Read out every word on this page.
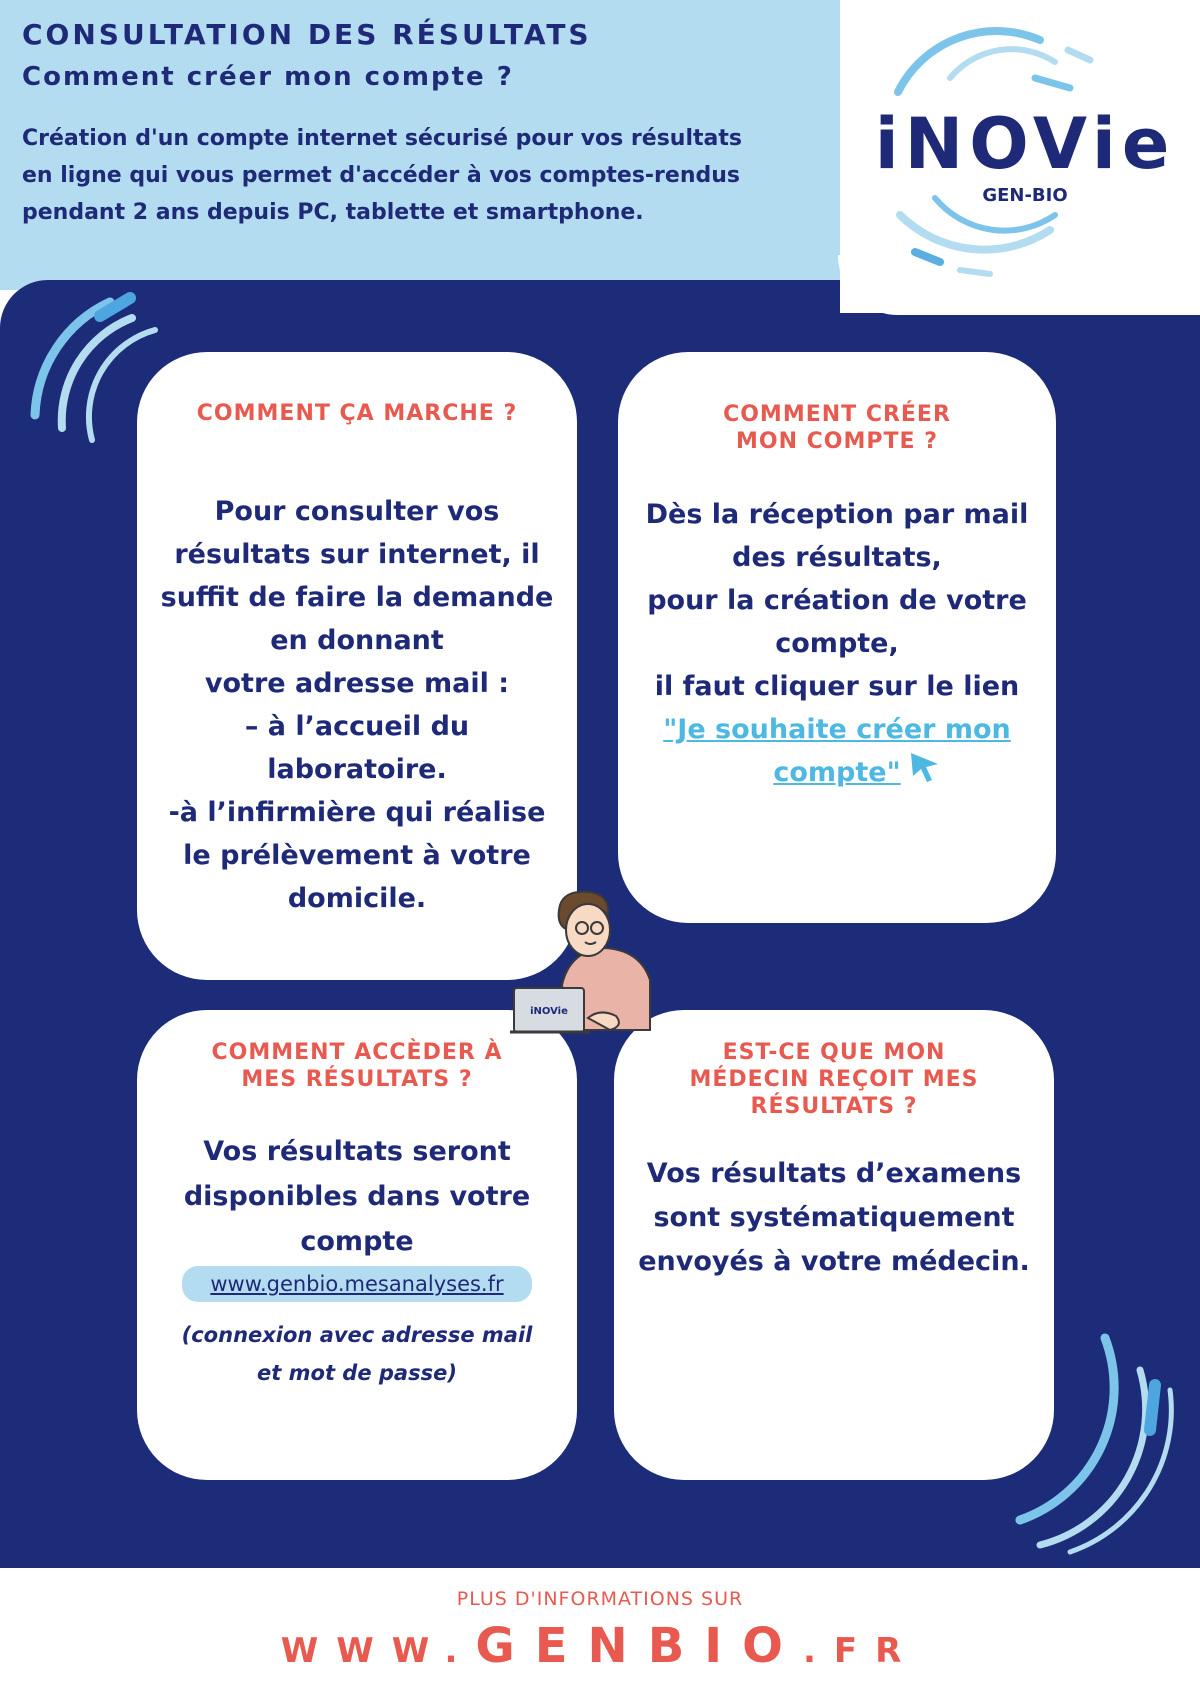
CONSULTATION DES RÉSULTATS

Comment créer mon compte ?

Création d'un compte internet sécurisé pour vos résultats
en ligne qui vous permet d'accéder à vos comptes-rendus
pendant 2 ans depuis PC, tablette et smartphone.

iNOVie
GEN-BIO

COMMENT ÇA MARCHE ?

Pour consulter vos
résultats sur internet, il
suffit de faire la demande
en donnant
votre adresse mail :
– à l’accueil du
laboratoire.
-à l’infirmière qui réalise
le prélèvement à votre
domicile.
COMMENT CRÉER
MON COMPTE ?
Dès la réception par mail
des résultats,
pour la création de votre
compte,
il faut cliquer sur le lien
"Je souhaite créer mon
compte"
COMMENT ACCÈDER À
MES RÉSULTATS ?
Vos résultats seront
disponibles dans votre
compte
www.genbio.mesanalyses.fr
(connexion avec adresse mail
et mot de passe)
EST-CE QUE MON
MÉDECIN REÇOIT MES
RÉSULTATS ?
Vos résultats d’examens
sont systématiquement
envoyés à votre médecin.
iNOVie

PLUS D'INFORMATIONS SUR

WWW.GENBIO.FR
